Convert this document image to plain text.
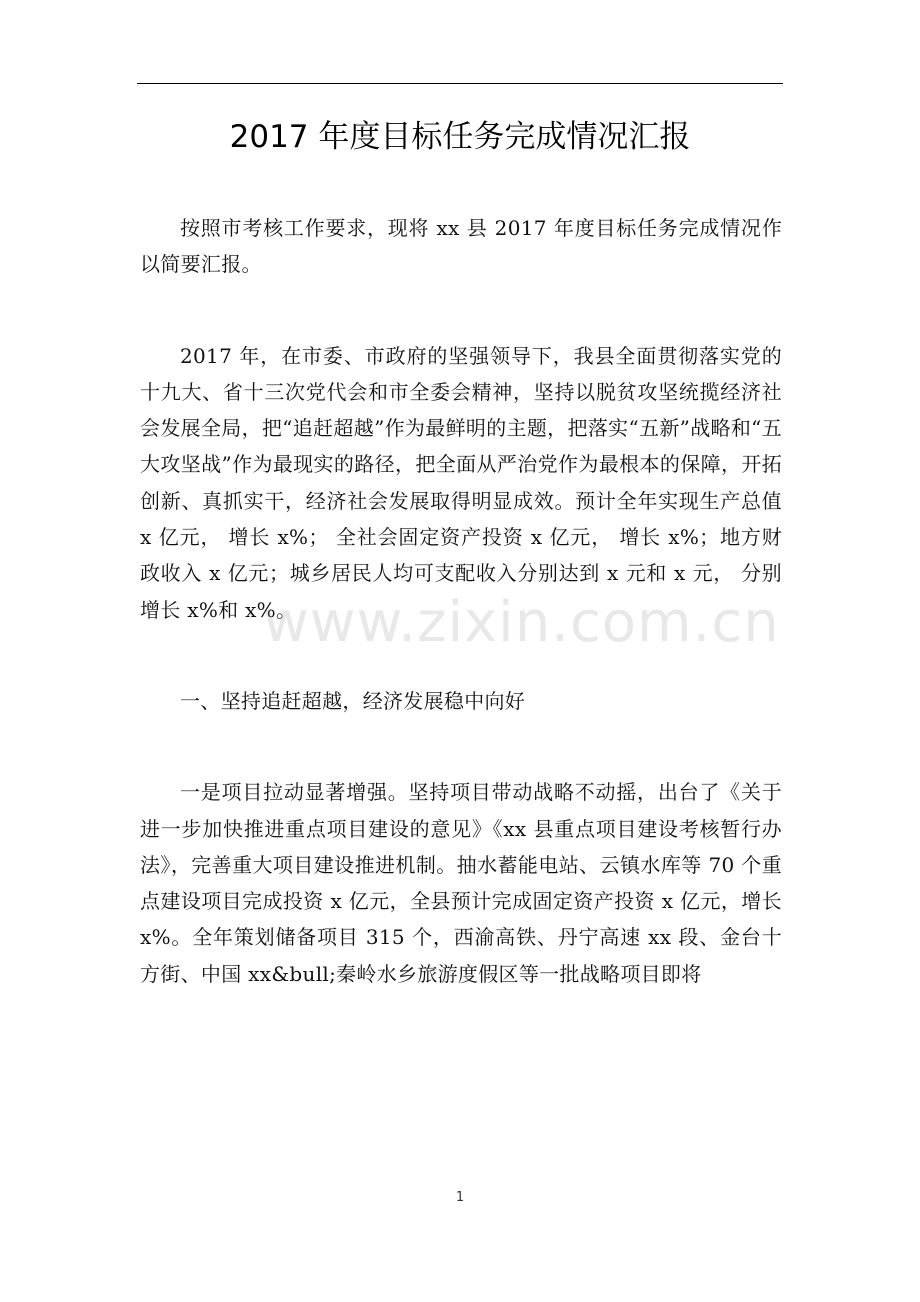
2017 年度目标任务完成情况汇报

按照市考核工作要求，现将 xx 县 2017 年度目标任务完成情况作以简要汇报。

2017 年，在市委、市政府的坚强领导下，我县全面贯彻落实党的十九大、省十三次党代会和市全委会精神，坚持以脱贫攻坚统揽经济社会发展全局，把“追赶超越”作为最鲜明的主题，把落实“五新”战略和“五大攻坚战”作为最现实的路径，把全面从严治党作为最根本的保障，开拓创新、真抓实干，经济社会发展取得明显成效。预计全年实现生产总值 x 亿元， 增长 x%； 全社会固定资产投资 x 亿元， 增长 x%；地方财政收入 x 亿元；城乡居民人均可支配收入分别达到 x 元和 x 元， 分别增长 x%和 x%。

一、坚持追赶超越，经济发展稳中向好

一是项目拉动显著增强。坚持项目带动战略不动摇，出台了《关于进一步加快推进重点项目建设的意见》《xx 县重点项目建设考核暂行办法》，完善重大项目建设推进机制。抽水蓄能电站、云镇水库等 70 个重点建设项目完成投资 x 亿元，全县预计完成固定资产投资 x 亿元，增长 x%。全年策划储备项目 315 个，西渝高铁、丹宁高速 xx 段、金台十方街、中国 xx&bull;秦岭水乡旅游度假区等一批战略项目即将

www.zixin.com.cn
1
